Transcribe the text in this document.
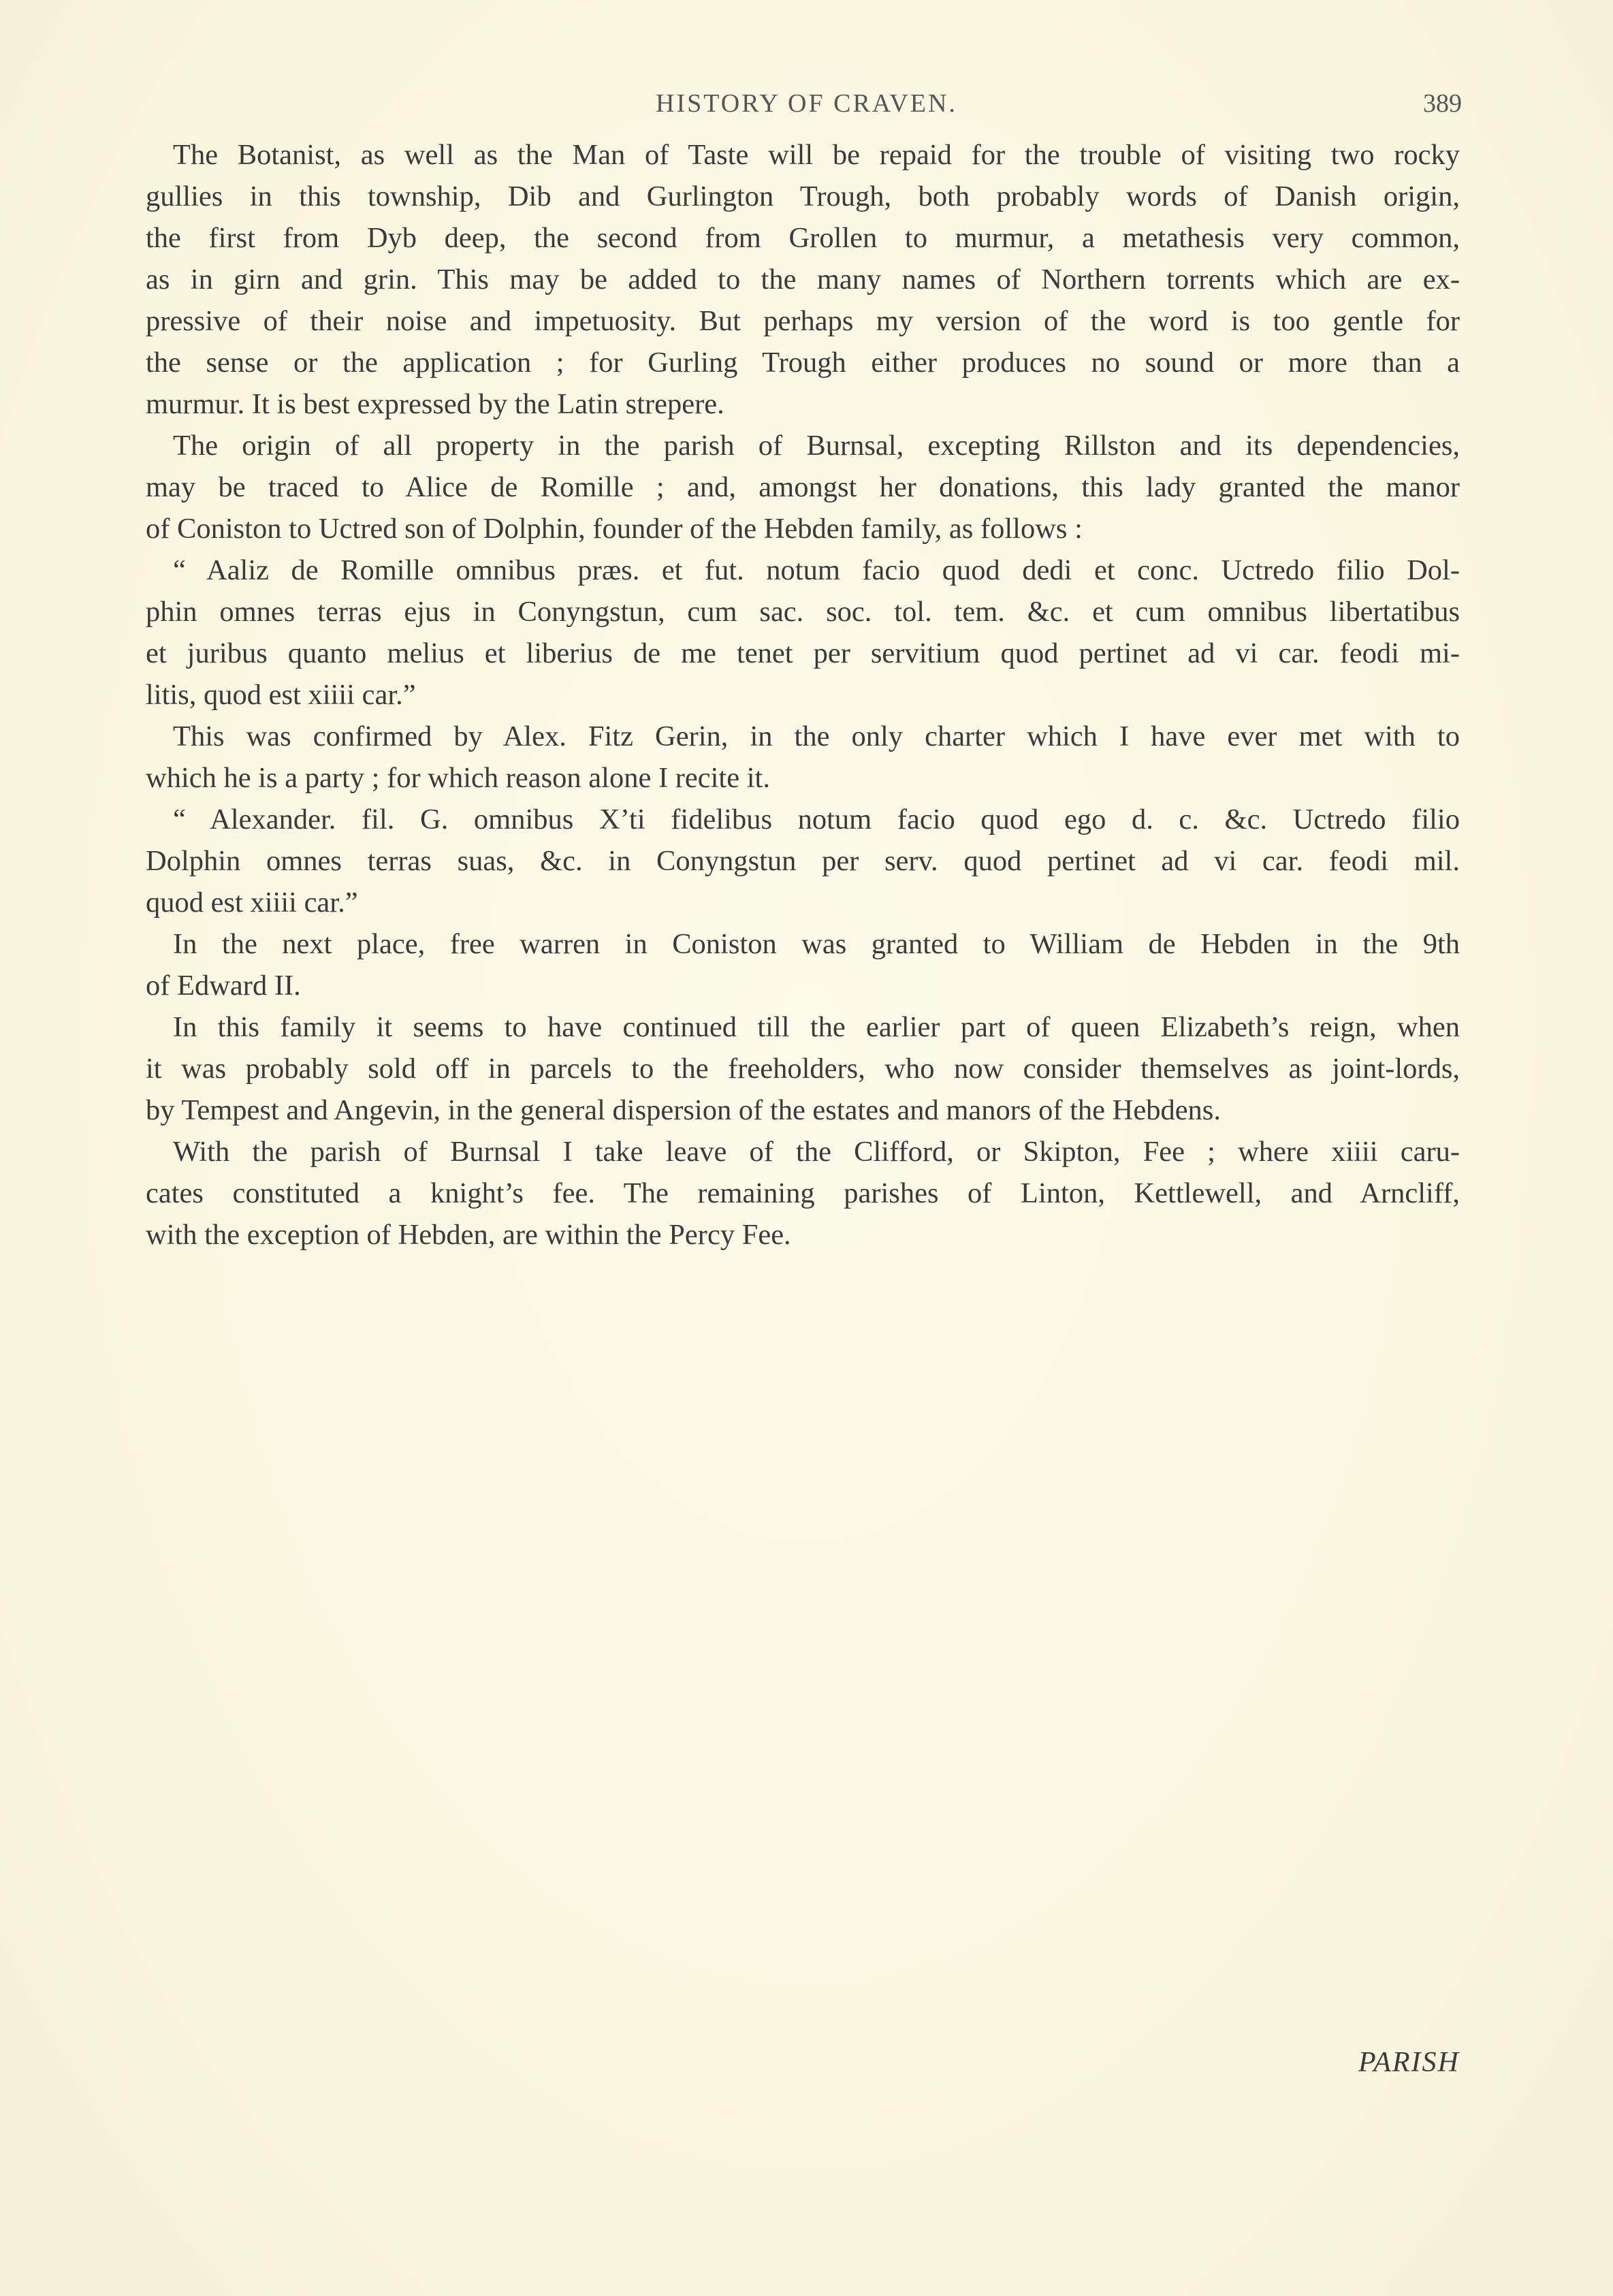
HISTORY OF CRAVEN.	389
The Botanist, as well as the Man of Taste will be repaid for the trouble of visiting two rocky
gullies in this township, Dib and Gurlington Trough, both probably words of Danish origin,
the first from Dyb deep, the second from Grollen to murmur, a metathesis very common,
as in girn and grin. This may be added to the many names of Northern torrents which are ex-
pressive of their noise and impetuosity. But perhaps my version of the word is too gentle for
the sense or the application ; for Gurling Trough either produces no sound or more than a
murmur. It is best expressed by the Latin strepere.
The origin of all property in the parish of Burnsal, excepting Rillston and its dependencies,
may be traced to Alice de Romille ; and, amongst her donations, this lady granted the manor
of Coniston to Uctred son of Dolphin, founder of the Hebden family, as follows :
“ Aaliz de Romille omnibus præs. et fut. notum facio quod dedi et conc. Uctredo filio Dol-
phin omnes terras ejus in Conyngstun, cum sac. soc. tol. tem. &c. et cum omnibus libertatibus
et juribus quanto melius et liberius de me tenet per servitium quod pertinet ad vi car. feodi mi-
litis, quod est xiiii car.”
This was confirmed by Alex. Fitz Gerin, in the only charter which I have ever met with to
which he is a party ; for which reason alone I recite it.
“ Alexander. fil. G. omnibus X’ti fidelibus notum facio quod ego d. c. &c. Uctredo filio
Dolphin omnes terras suas, &c. in Conyngstun per serv. quod pertinet ad vi car. feodi mil.
quod est xiiii car.”
In the next place, free warren in Coniston was granted to William de Hebden in the 9th
of Edward II.
In this family it seems to have continued till the earlier part of queen Elizabeth’s reign, when
it was probably sold off in parcels to the freeholders, who now consider themselves as joint-lords,
by Tempest and Angevin, in the general dispersion of the estates and manors of the Hebdens.
With the parish of Burnsal I take leave of the Clifford, or Skipton, Fee ; where xiiii caru-
cates constituted a knight’s fee. The remaining parishes of Linton, Kettlewell, and Arncliff,
with the exception of Hebden, are within the Percy Fee.
PARISH
